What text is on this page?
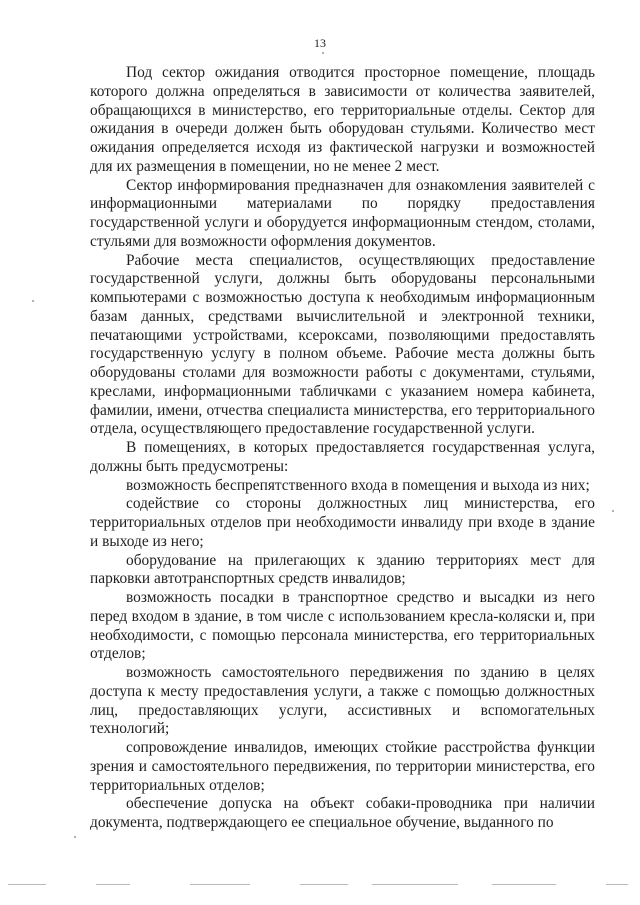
13

Под сектор ожидания отводится просторное помещение, площадь которого должна определяться в зависимости от количества заявителей, обращающихся в министерство, его территориальные отделы. Сектор для ожидания в очереди должен быть оборудован стульями. Количество мест ожидания определяется исходя из фактической нагрузки и возможностей для их размещения в помещении, но не менее 2 мест.

Сектор информирования предназначен для ознакомления заявителей с информационными материалами по порядку предоставления государственной услуги и оборудуется информационным стендом, столами, стульями для возможности оформления документов.

Рабочие места специалистов, осуществляющих предоставление государственной услуги, должны быть оборудованы персональными компьютерами с возможностью доступа к необходимым информационным базам данных, средствами вычислительной и электронной техники, печатающими устройствами, ксероксами, позволяющими предоставлять государственную услугу в полном объеме. Рабочие места должны быть оборудованы столами для возможности работы с документами, стульями, креслами, информационными табличками с указанием номера кабинета, фамилии, имени, отчества специалиста министерства, его территориального отдела, осуществляющего предоставление государственной услуги.

В помещениях, в которых предоставляется государственная услуга, должны быть предусмотрены:

возможность беспрепятственного входа в помещения и выхода из них;

содействие со стороны должностных лиц министерства, его территориальных отделов при необходимости инвалиду при входе в здание и выходе из него;

оборудование на прилегающих к зданию территориях мест для парковки автотранспортных средств инвалидов;

возможность посадки в транспортное средство и высадки из него перед входом в здание, в том числе с использованием кресла-коляски и, при необходимости, с помощью персонала министерства, его территориальных отделов;

возможность самостоятельного передвижения по зданию в целях доступа к месту предоставления услуги, а также с помощью должностных лиц, предоставляющих услуги, ассистивных и вспомогательных технологий;

сопровождение инвалидов, имеющих стойкие расстройства функции зрения и самостоятельного передвижения, по территории министерства, его территориальных отделов;

обеспечение допуска на объект собаки-проводника при наличии документа, подтверждающего ее специальное обучение, выданного по
